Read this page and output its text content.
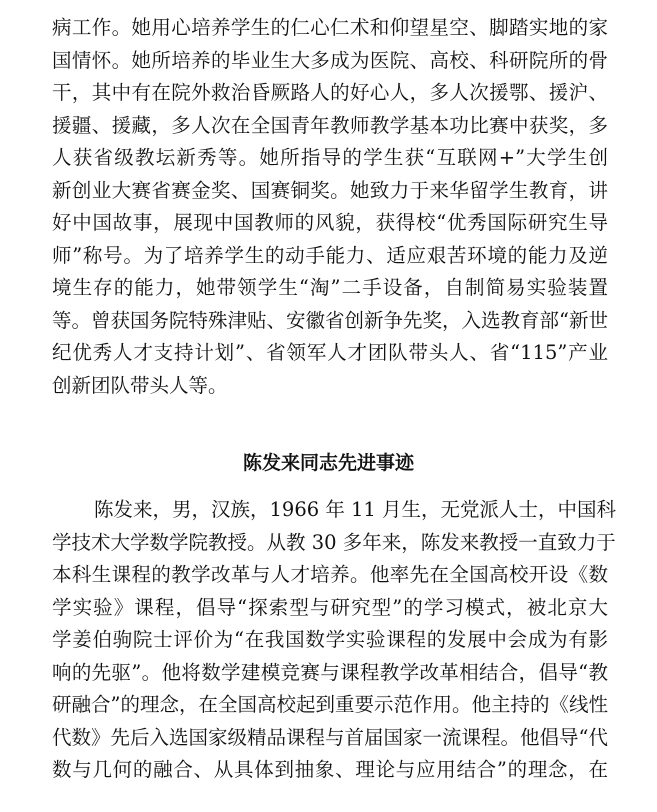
病工作。她用心培养学生的仁心仁术和仰望星空、脚踏实地的家
国情怀。她所培养的毕业生大多成为医院、高校、科研院所的骨
干，其中有在院外救治昏厥路人的好心人，多人次援鄂、援沪、
援疆、援藏，多人次在全国青年教师教学基本功比赛中获奖，多
人获省级教坛新秀等。她所指导的学生获“互联网+”大学生创
新创业大赛省赛金奖、国赛铜奖。她致力于来华留学生教育，讲
好中国故事，展现中国教师的风貌，获得校“优秀国际研究生导
师”称号。为了培养学生的动手能力、适应艰苦环境的能力及逆
境生存的能力，她带领学生“淘”二手设备，自制简易实验装置
等。曾获国务院特殊津贴、安徽省创新争先奖，入选教育部“新世
纪优秀人才支持计划”、省领军人才团队带头人、省“115”产业
创新团队带头人等。
陈发来同志先进事迹
陈发来，男，汉族，1966 年 11 月生，无党派人士，中国科
学技术大学数学院教授。从教 30 多年来，陈发来教授一直致力于
本科生课程的教学改革与人才培养。他率先在全国高校开设《数
学实验》课程，倡导“探索型与研究型”的学习模式，被北京大
学姜伯驹院士评价为“在我国数学实验课程的发展中会成为有影
响的先驱”。他将数学建模竞赛与课程教学改革相结合，倡导“教
研融合”的理念，在全国高校起到重要示范作用。他主持的《线性
代数》先后入选国家级精品课程与首届国家一流课程。他倡导“代
数与几何的融合、从具体到抽象、理论与应用结合”的理念，在
